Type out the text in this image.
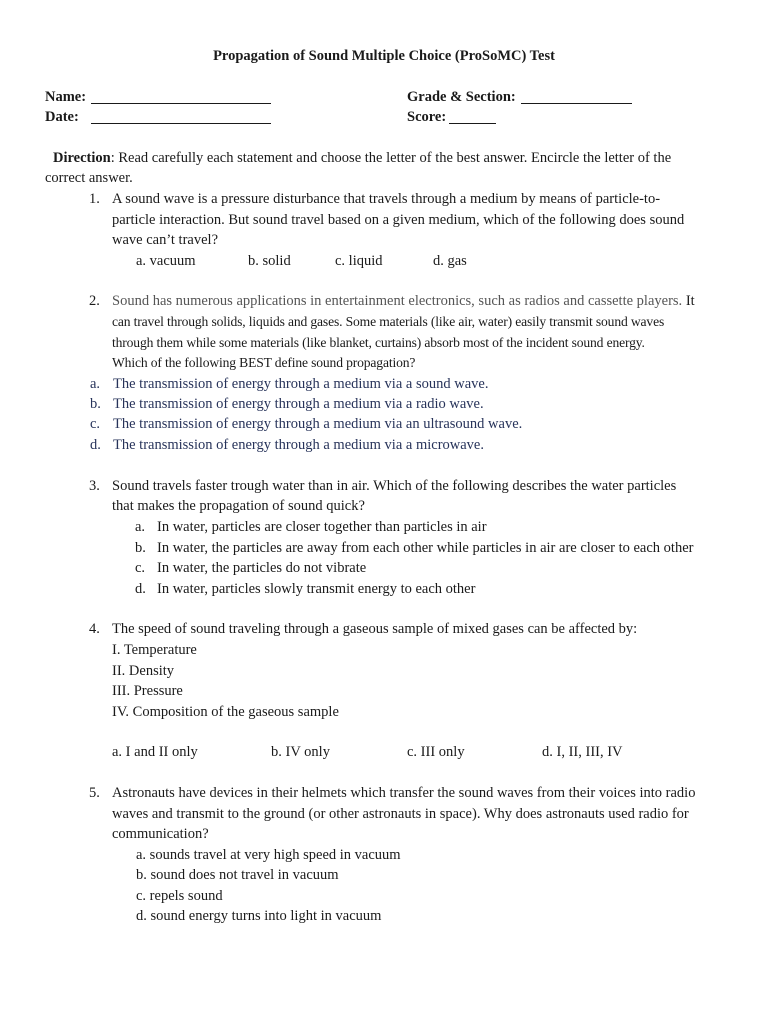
Propagation of Sound Multiple Choice (ProSoMC) Test
Name:
Date:
Grade & Section:
Score:
Direction: Read carefully each statement and choose the letter of the best answer. Encircle the letter of the
correct answer.
1. A sound wave is a pressure disturbance that travels through a medium by means of particle-to-
particle interaction. But sound travel based on a given medium, which of the following does sound
wave can’t travel?
a. vacuum	b. solid	c. liquid	d. gas
2. Sound has numerous applications in entertainment electronics, such as radios and cassette players. It
can travel through solids, liquids and gases. Some materials (like air, water) easily transmit sound waves
through them while some materials (like blanket, curtains) absorb most of the incident sound energy.
Which of the following BEST define sound propagation?
a. The transmission of energy through a medium via a sound wave.
b. The transmission of energy through a medium via a radio wave.
c. The transmission of energy through a medium via an ultrasound wave.
d. The transmission of energy through a medium via a microwave.
3. Sound travels faster trough water than in air. Which of the following describes the water particles
that makes the propagation of sound quick?
a. In water, particles are closer together than particles in air
b. In water, the particles are away from each other while particles in air are closer to each other
c. In water, the particles do not vibrate
d. In water, particles slowly transmit energy to each other
4. The speed of sound traveling through a gaseous sample of mixed gases can be affected by:
I. Temperature
II. Density
III. Pressure
IV. Composition of the gaseous sample
a. I and II only	b. IV only	c. III only	d. I, II, III, IV
5. Astronauts have devices in their helmets which transfer the sound waves from their voices into radio
waves and transmit to the ground (or other astronauts in space). Why does astronauts used radio for
communication?
a. sounds travel at very high speed in vacuum
b. sound does not travel in vacuum
c. repels sound
d. sound energy turns into light in vacuum
